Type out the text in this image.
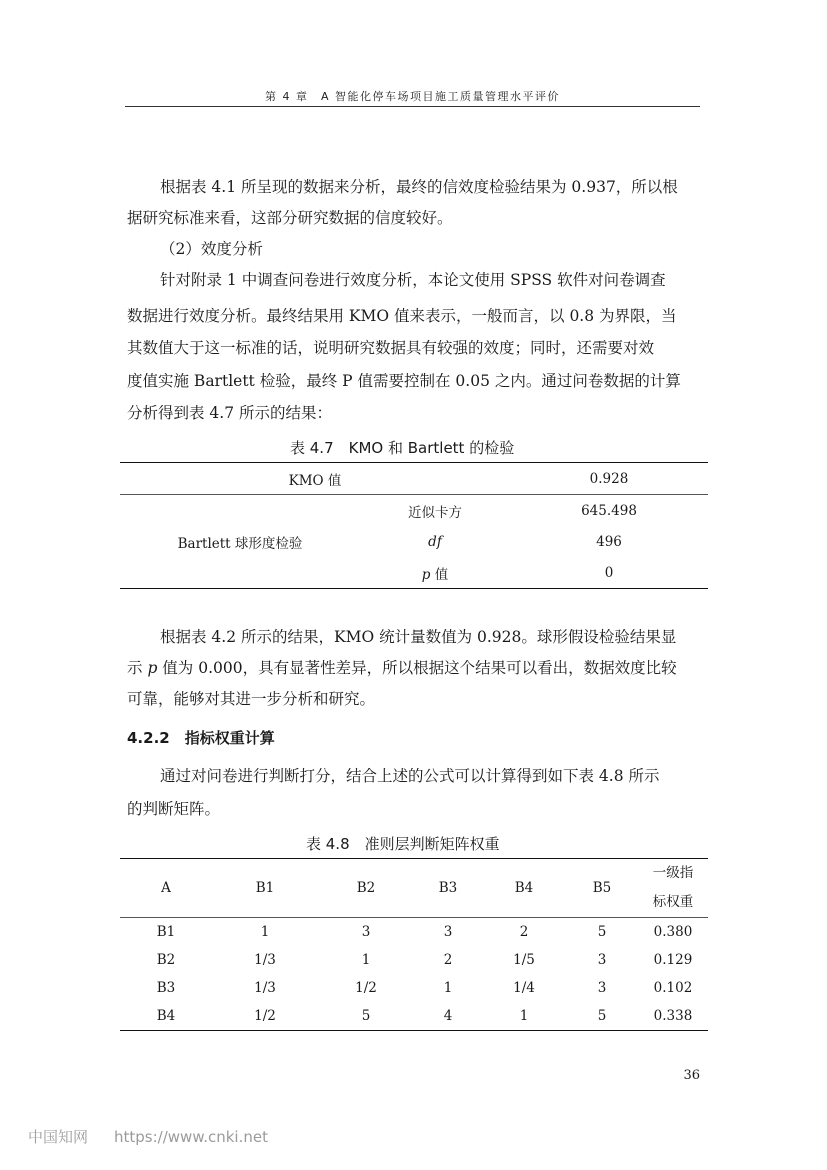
第 4 章　A 智能化停车场项目施工质量管理水平评价
根据表 4.1 所呈现的数据来分析，最终的信效度检验结果为 0.937，所以根
据研究标准来看，这部分研究数据的信度较好。
（2）效度分析
针对附录 1 中调查问卷进行效度分析，本论文使用 SPSS 软件对问卷调查
数据进行效度分析。最终结果用 KMO 值来表示，一般而言，以 0.8 为界限，当
其数值大于这一标准的话，说明研究数据具有较强的效度；同时，还需要对效
度值实施 Bartlett 检验，最终 P 值需要控制在 0.05 之内。通过问卷数据的计算
分析得到表 4.7 所示的结果：
表 4.7　KMO 和 Bartlett 的检验
KMO 值		0.928
Bartlett 球形度检验	近似卡方	645.498
	df	496
	p 值	0
根据表 4.2 所示的结果，KMO 统计量数值为 0.928。球形假设检验结果显
示 p 值为 0.000，具有显著性差异，所以根据这个结果可以看出，数据效度比较
可靠，能够对其进一步分析和研究。
4.2.2　指标权重计算
通过对问卷进行判断打分，结合上述的公式可以计算得到如下表 4.8 所示
的判断矩阵。
表 4.8　准则层判断矩阵权重
A	B1	B2	B3	B4	B5	一级指
标权重

B1	1	3	3	2	5	0.380
B2	1/3	1	2	1/5	3	0.129
B3	1/3	1/2	1	1/4	3	0.102
B4	1/2	5	4	1	5	0.338
36
中国知网 https://www.cnki.net
